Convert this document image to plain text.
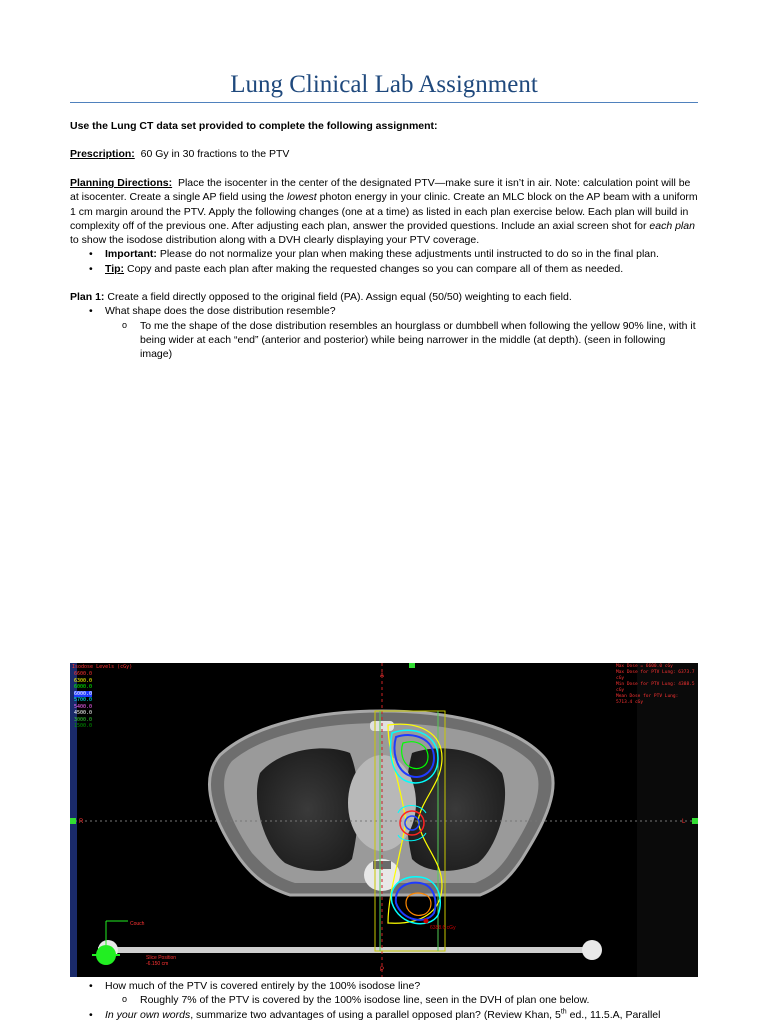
Lung Clinical Lab Assignment

Use the Lung CT data set provided to complete the following assignment:

Prescription: 60 Gy in 30 fractions to the PTV

Planning Directions: Place the isocenter in the center of the designated PTV—make sure it isn’t in air. Note: calculation point will be at isocenter. Create a single AP field using the lowest photon energy in your clinic. Create an MLC block on the AP beam with a uniform 1 cm margin around the PTV. Apply the following changes (one at a time) as listed in each plan exercise below. Each plan will build in complexity off of the previous one. After adjusting each plan, answer the provided questions. Include an axial screen shot for each plan to show the isodose distribution along with a DVH clearly displaying your PTV coverage.

• Important: Please do not normalize your plan when making these adjustments until instructed to do so in the final plan.
• Tip: Copy and paste each plan after making the requested changes so you can compare all of them as needed.

Plan 1: Create a field directly opposed to the original field (PA). Assign equal (50/50) weighting to each field.

• What shape does the dose distribution resemble?
o To me the shape of the dose distribution resembles an hourglass or dumbbell when following the yellow 90% line, with it being wider at each “end” (anterior and posterior) while being narrower in the middle (at depth). (seen in following image)
Isodose Levels (cGy)
6600.0
6300.0
6000.0
6000.0
5700.0
5400.0
4500.0
3000.0
1500.0
Max Dose = 6600.0 cGy
Max Dose for PTV Lung: 6373.7 cGy
Min Dose for PTV Lung: 4388.5 cGy
Mean Dose for PTV Lung: 5713.4 cGy
A
P
R	L
6388.6 cGy
Couch
Slice Position
-6.150 cm
• How much of the PTV is covered entirely by the 100% isodose line?
o Roughly 7% of the PTV is covered by the 100% isodose line, seen in the DVH of plan one below.
• In your own words, summarize two advantages of using a parallel opposed plan? (Review Khan, 5th ed., 11.5.A, Parallel
